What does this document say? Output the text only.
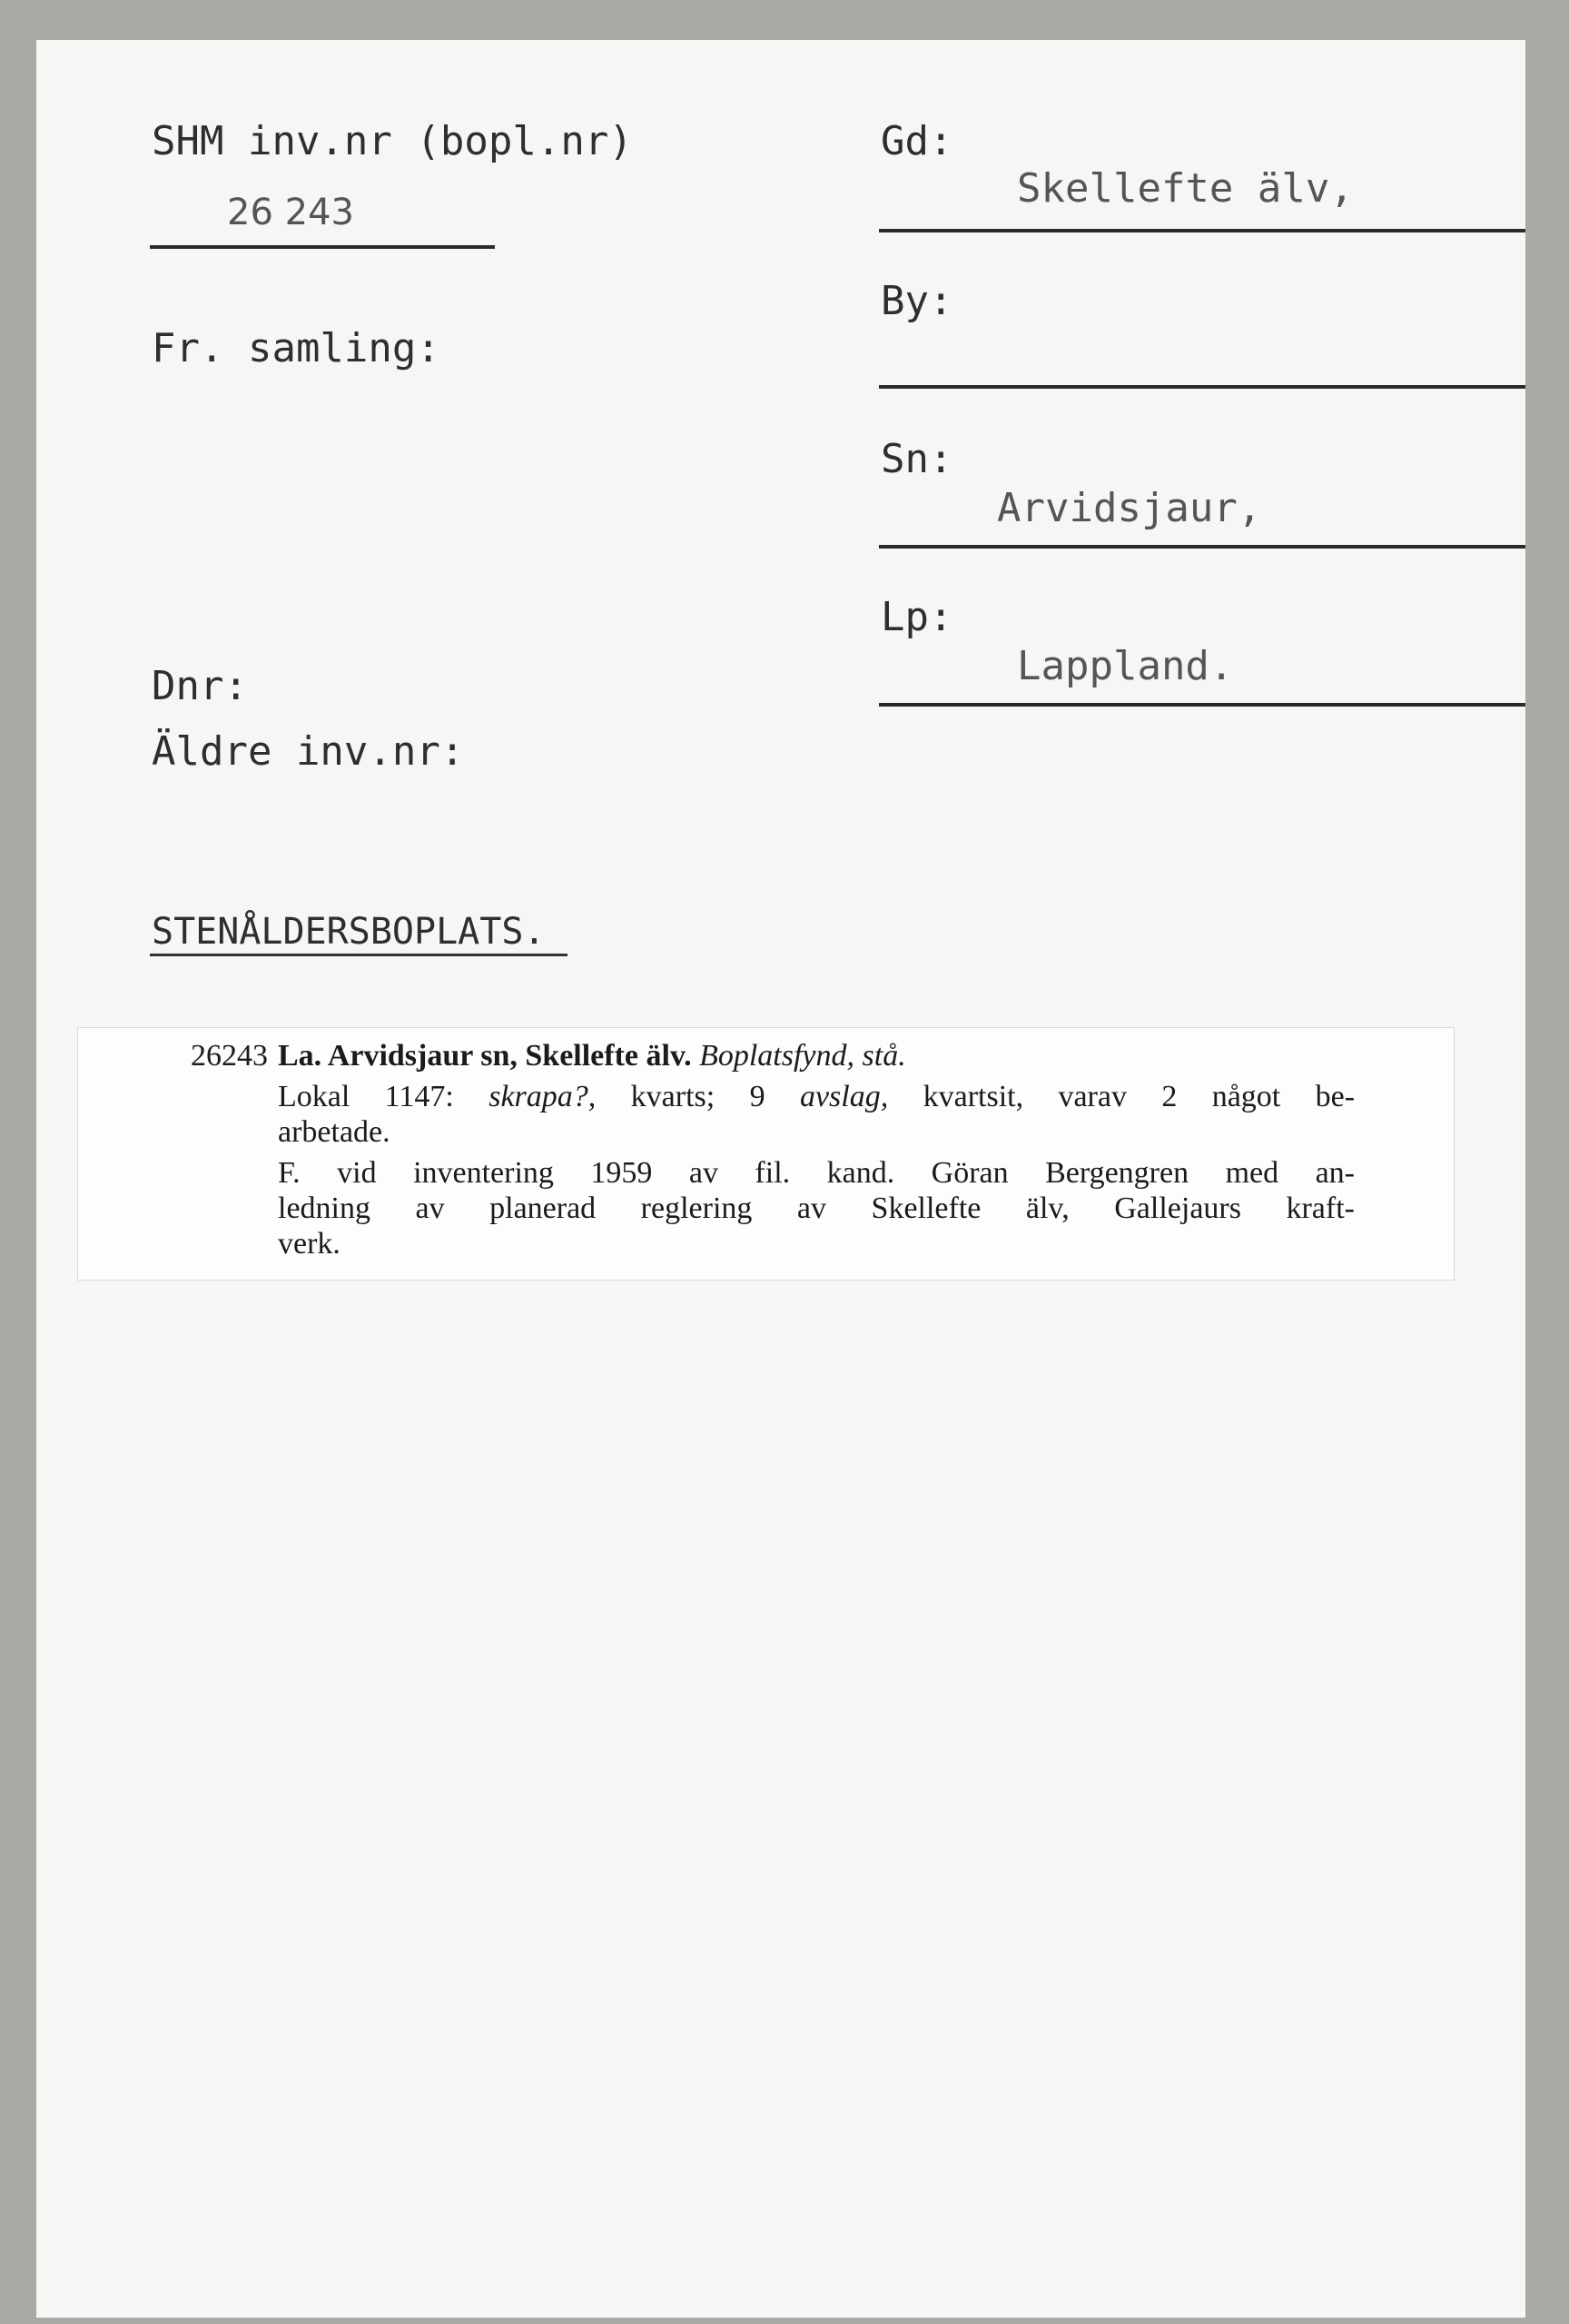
SHM inv.nr (bopl.nr)
26 243
Fr. samling:
Dnr:
Äldre inv.nr:
Gd:
Skellefte älv,
By:
Sn:
Arvidsjaur,
Lp:
Lappland.
STENÅLDERSBOPLATS.
26243 La. Arvidsjaur sn, Skellefte älv. Boplatsfynd, stå.
Lokal 1147: skrapa?, kvarts; 9 avslag, kvartsit, varav 2 något be-
arbetade.
F. vid inventering 1959 av fil. kand. Göran Bergengren med an-
ledning av planerad reglering av Skellefte älv, Gallejaurs kraft-
verk.
